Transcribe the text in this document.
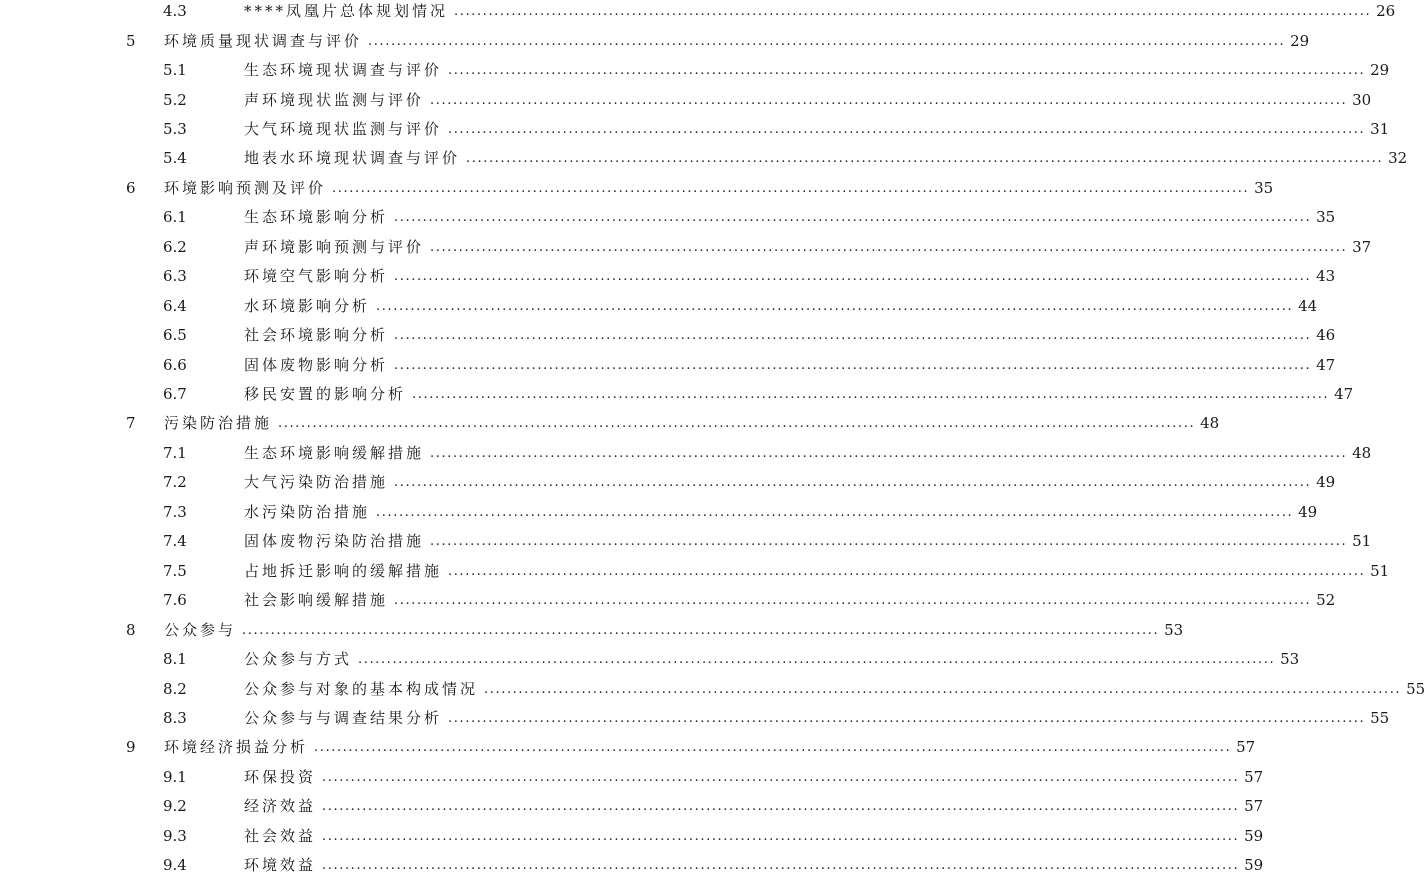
4.3	****凤凰片总体规划情况 ................................................................................................................................................................ 26
5 环境质量现状调查与评价 ................................................................................................................................................................ 29
5.1	生态环境现状调查与评价 ................................................................................................................................................................ 29
5.2	声环境现状监测与评价 ................................................................................................................................................................ 30
5.3	大气环境现状监测与评价 ................................................................................................................................................................ 31
5.4	地表水环境现状调查与评价 ................................................................................................................................................................ 32
6 环境影响预测及评价 ................................................................................................................................................................ 35
6.1	生态环境影响分析 ................................................................................................................................................................ 35
6.2	声环境影响预测与评价 ................................................................................................................................................................ 37
6.3	环境空气影响分析 ................................................................................................................................................................ 43
6.4	水环境影响分析 ................................................................................................................................................................ 44
6.5	社会环境影响分析 ................................................................................................................................................................ 46
6.6	固体废物影响分析 ................................................................................................................................................................ 47
6.7	移民安置的影响分析 ................................................................................................................................................................ 47
7 污染防治措施 ................................................................................................................................................................ 48
7.1	生态环境影响缓解措施 ................................................................................................................................................................ 48
7.2	大气污染防治措施 ................................................................................................................................................................ 49
7.3	水污染防治措施 ................................................................................................................................................................ 49
7.4	固体废物污染防治措施 ................................................................................................................................................................ 51
7.5	占地拆迁影响的缓解措施 ................................................................................................................................................................ 51
7.6	社会影响缓解措施 ................................................................................................................................................................ 52
8 公众参与 ................................................................................................................................................................ 53
8.1	公众参与方式 ................................................................................................................................................................ 53
8.2	公众参与对象的基本构成情况 ................................................................................................................................................................ 55
8.3	公众参与与调查结果分析 ................................................................................................................................................................ 55
9 环境经济损益分析 ................................................................................................................................................................ 57
9.1	环保投资 ................................................................................................................................................................ 57
9.2	经济效益 ................................................................................................................................................................ 57
9.3	社会效益 ................................................................................................................................................................ 59
9.4	环境效益 ................................................................................................................................................................ 59
